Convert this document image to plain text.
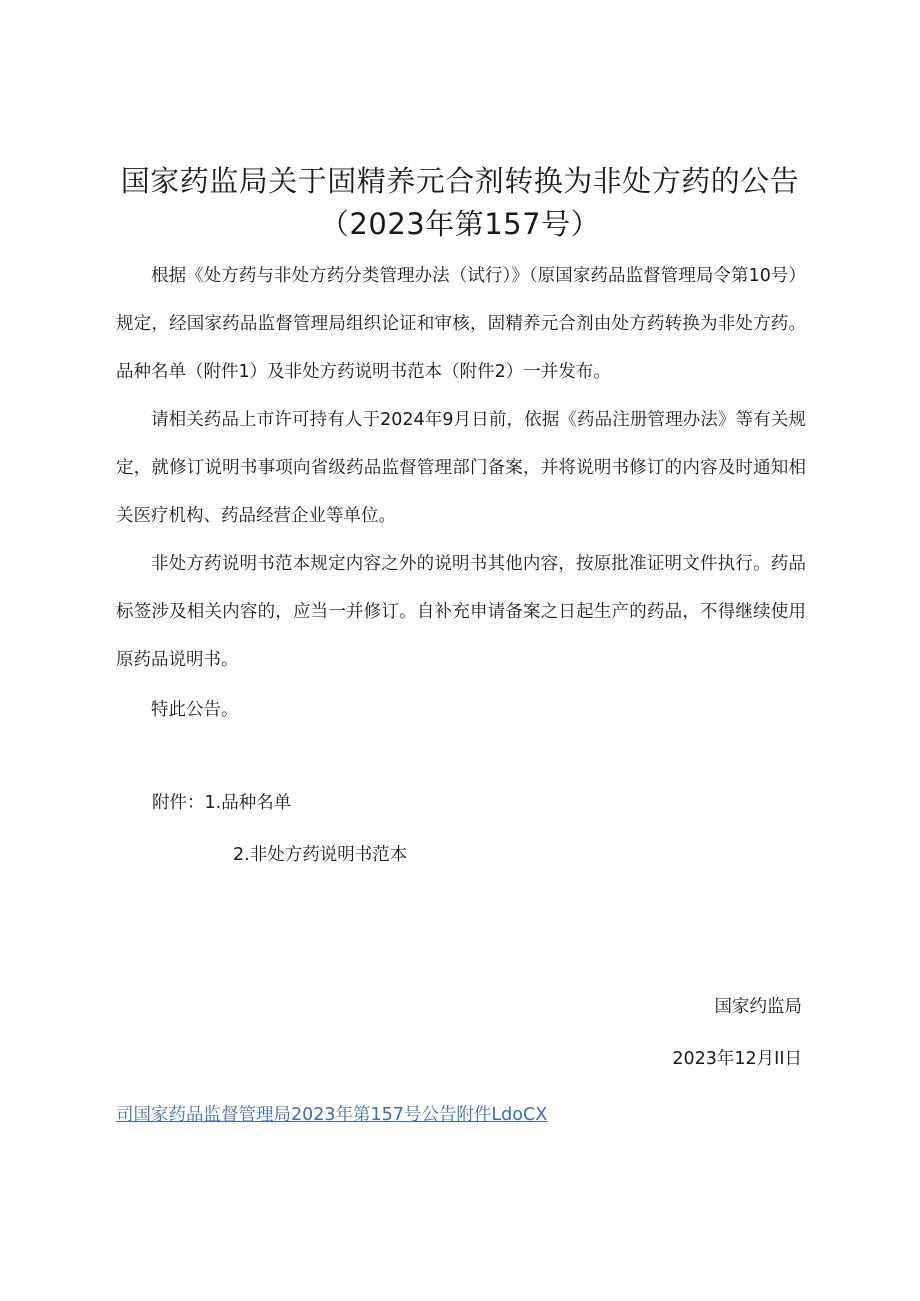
国家药监局关于固精养元合剂转换为非处方药的公告
（2023年第157号）

根据《处方药与非处方药分类管理办法（试行）》（原国家药品监督管理局令第10号）规定，经国家药品监督管理局组织论证和审核，固精养元合剂由处方药转换为非处方药。品种名单（附件1）及非处方药说明书范本（附件2）一并发布。

请相关药品上市许可持有人于2024年9月日前，依据《药品注册管理办法》等有关规定，就修订说明书事项向省级药品监督管理部门备案，并将说明书修订的内容及时通知相关医疗机构、药品经营企业等单位。

非处方药说明书范本规定内容之外的说明书其他内容，按原批准证明文件执行。药品标签涉及相关内容的，应当一并修订。自补充申请备案之日起生产的药品，不得继续使用原药品说明书。

特此公告。

附件：1.品种名单
2.非处方药说明书范本
国家约监局
2023年12月II日
司国家药品监督管理局2023年第157号公告附件LdoCX
